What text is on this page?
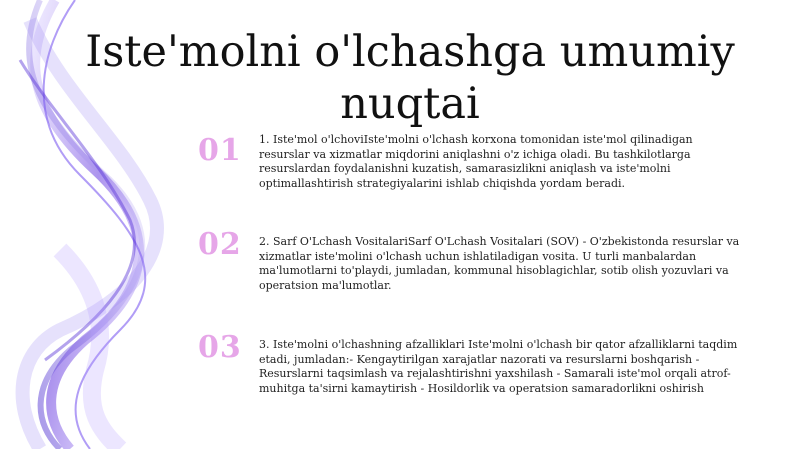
Iste'molni o'lchashga umumiy nuqtai
01	1. Iste'mol o'lchoviIste'molni o'lchash korxona tomonidan iste'mol qilinadigan resurslar va xizmatlar miqdorini aniqlashni o'z ichiga oladi. Bu tashkilotlarga resurslardan foydalanishni kuzatish, samarasizlikni aniqlash va iste'molni optimallashtirish strategiyalarini ishlab chiqishda yordam beradi.
02	2. Sarf O'Lchash VositalariSarf O'Lchash Vositalari (SOV) - O'zbekistonda resurslar va xizmatlar iste'molini o'lchash uchun ishlatiladigan vosita. U turli manbalardan ma'lumotlarni to'playdi, jumladan, kommunal hisoblagichlar, sotib olish yozuvlari va operatsion ma'lumotlar.
03	3. Iste'molni o'lchashning afzalliklari Iste'molni o'lchash bir qator afzalliklarni taqdim etadi, jumladan:- Kengaytirilgan xarajatlar nazorati va resurslarni boshqarish - Resurslarni taqsimlash va rejalashtirishni yaxshilash - Samarali iste'mol orqali atrof-muhitga ta'sirni kamaytirish - Hosildorlik va operatsion samaradorlikni oshirish
